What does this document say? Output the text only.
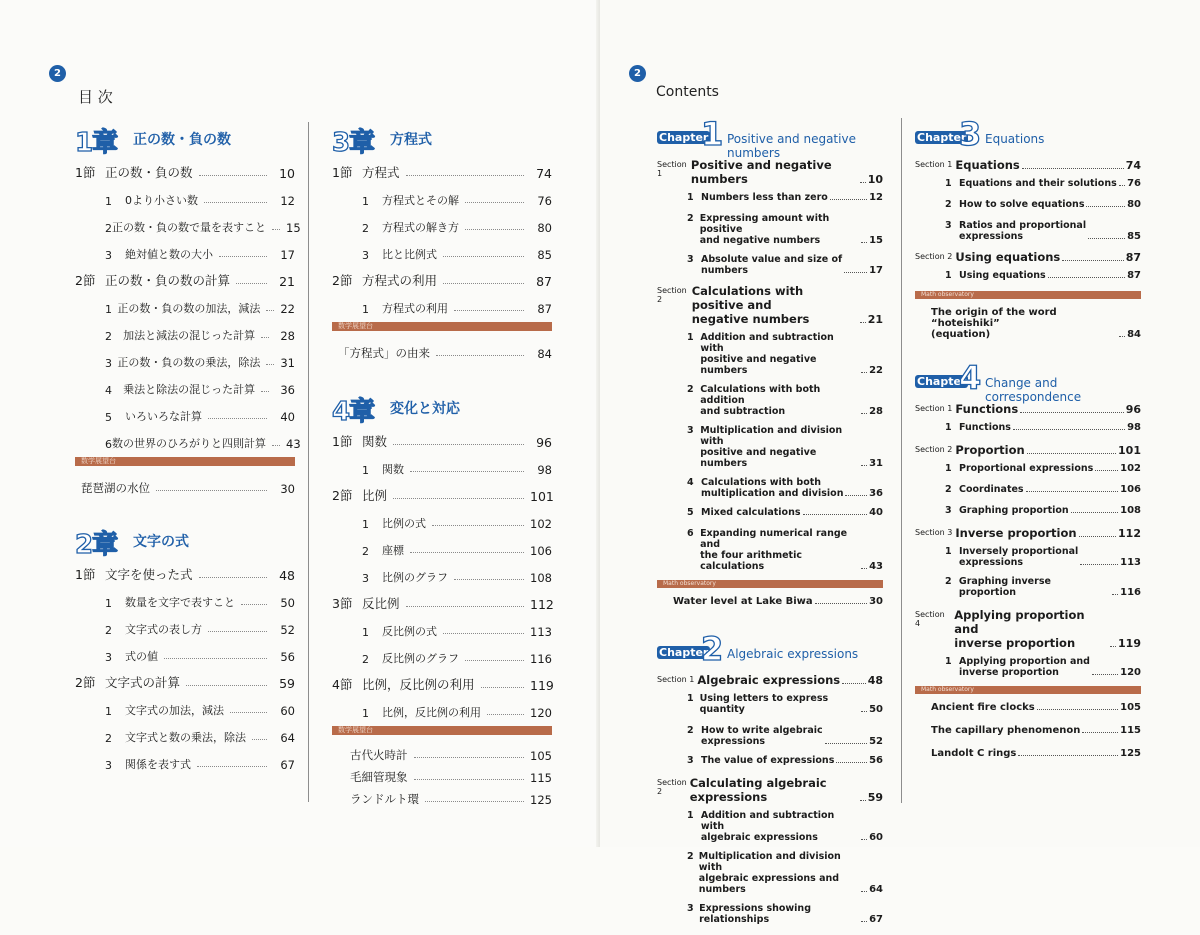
2
目 次
1章 正の数・負の数
1節 正の数・負の数	10
1	0より小さい数	12
2 正の数・負の数で量を表すこと 15
3	絶対値と数の大小	17
2節 正の数・負の数の計算	21
1 正の数・負の数の加法，減法 22
2	加法と減法の混じった計算	28
3 正の数・負の数の乗法，除法 31
4	乗法と除法の混じった計算	36
5	いろいろな計算	40
6 数の世界のひろがりと四則計算 43
数学展望台
琵琶湖の水位	30
2章 文字の式
1節 文字を使った式	48
1	数量を文字で表すこと	50
2	文字式の表し方	52
3	式の値	56
2節 文字式の計算	59
1	文字式の加法，減法	60
2	文字式と数の乗法，除法	64
3	関係を表す式	67
3章 方程式
1節 方程式	74
1	方程式とその解	76
2	方程式の解き方	80
3	比と比例式	85
2節 方程式の利用	87
1	方程式の利用	87
数学展望台
「方程式」の由来	84
4章 変化と対応
1節 関数	96
1	関数	98
2節 比例	101
1	比例の式	102
2	座標	106
3	比例のグラフ	108
3節 反比例	112
1	反比例の式	113
2	反比例のグラフ	116
4節 比例，反比例の利用	119
1	比例，反比例の利用	120
数学展望台
古代火時計	105
毛細管現象	115
ランドルト環	125
2
Contents
Chapter
1 Positive and negative numbers
Section 1
Positive and negative numbers	10
1 Numbers less than zero	12
2 Expressing amount with positive
and negative numbers	15
3 Absolute value and size of
numbers	17
Section 2
Calculations with positive and
negative numbers	21
1 Addition and subtraction with
positive and negative numbers	22
2 Calculations with both addition
and subtraction	28
3 Multiplication and division with
positive and negative numbers	31
4 Calculations with both
multiplication and division	36
5 Mixed calculations	40
6 Expanding numerical range and
the four arithmetic calculations	43
Math observatory
Water level at Lake Biwa	30
Chapter
2 Algebraic expressions
Section 1 Algebraic expressions	48
1 Using letters to express quantity	50
2 How to write algebraic
expressions	52
3 The value of expressions	56
Section 2
Calculating algebraic expressions	59
1 Addition and subtraction with
algebraic expressions	60
2 Multiplication and division with
algebraic expressions and numbers	64
3 Expressions showing relationships	67
Chapter
3 Equations
Section 1 Equations	74
1 Equations and their solutions 76
2 How to solve equations	80
3 Ratios and proportional
expressions	85
Section 2 Using equations	87
1 Using equations	87
Math observatory
The origin of the word “hoteishiki”
(equation)	84
Chapter
4 Change and correspondence
Section 1 Functions	96
1 Functions	98
Section 2 Proportion	101
1 Proportional expressions	102
2 Coordinates	106
3 Graphing proportion	108
Section 3 Inverse proportion	112
1 Inversely proportional
expressions	113
2 Graphing inverse proportion	116
Section 4
Applying proportion and
inverse proportion	119
1 Applying proportion and
inverse proportion	120
Math observatory
Ancient fire clocks	105
The capillary phenomenon	115
Landolt C rings	125
